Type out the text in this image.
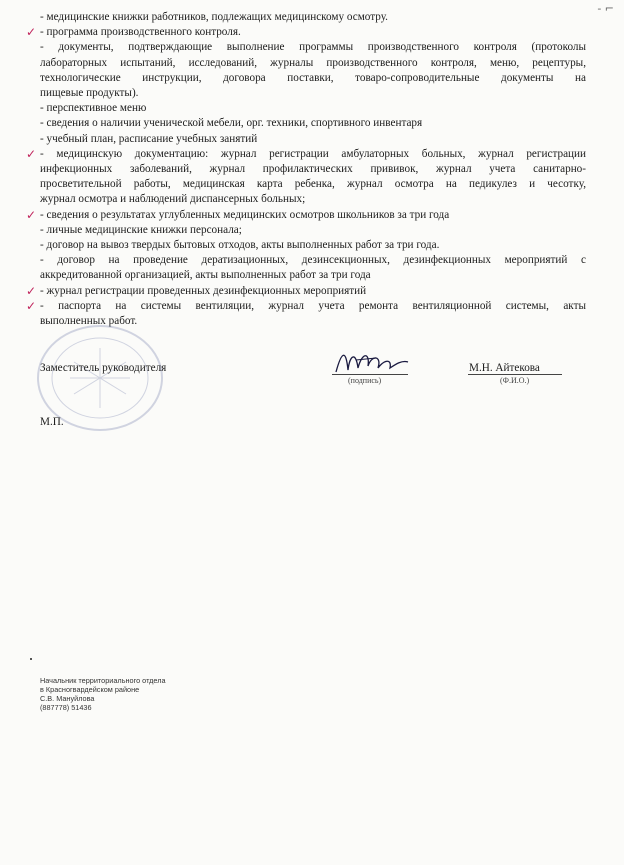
- ⌐
- медицинские книжки работников, подлежащих медицинскому осмотру.
✓ - программа производственного контроля.
- документы, подтверждающие выполнение программы производственного контроля (протоколы
лабораторных испытаний, исследований, журналы производственного контроля, меню, рецептуры,
технологические инструкции, договора поставки, товаро-сопроводительные документы на
пищевые продукты).
- перспективное меню
- сведения о наличии ученической мебели, орг. техники, спортивного инвентаря
- учебный план, расписание учебных занятий
✓ - медицинскую документацию: журнал регистрации амбулаторных больных, журнал регистрации
инфекционных заболеваний, журнал профилактических прививок, журнал учета санитарно-
просветительной работы, медицинская карта ребенка, журнал осмотра на педикулез и чесотку,
журнал осмотра и наблюдений диспансерных больных;
✓ - сведения о результатах углубленных медицинских осмотров школьников за три года
- личные медицинские книжки персонала;
- договор на вывоз твердых бытовых отходов, акты выполненных работ за три года.
- договор на проведение дератизационных, дезинсекционных, дезинфекционных мероприятий с
аккредитованной организацией, акты выполненных работ за три года
✓ - журнал регистрации проведенных дезинфекционных мероприятий
✓ - паспорта на системы вентиляции, журнал учета ремонта вентиляционной системы, акты
выполненных работ.
Заместитель руководителя
(подпись)
М.Н. Айтекова
(Ф.И.О.)
М.П.
Начальник территориального отдела
в Красногвардейском районе
С.В. Мануйлова
(887778) 51436
